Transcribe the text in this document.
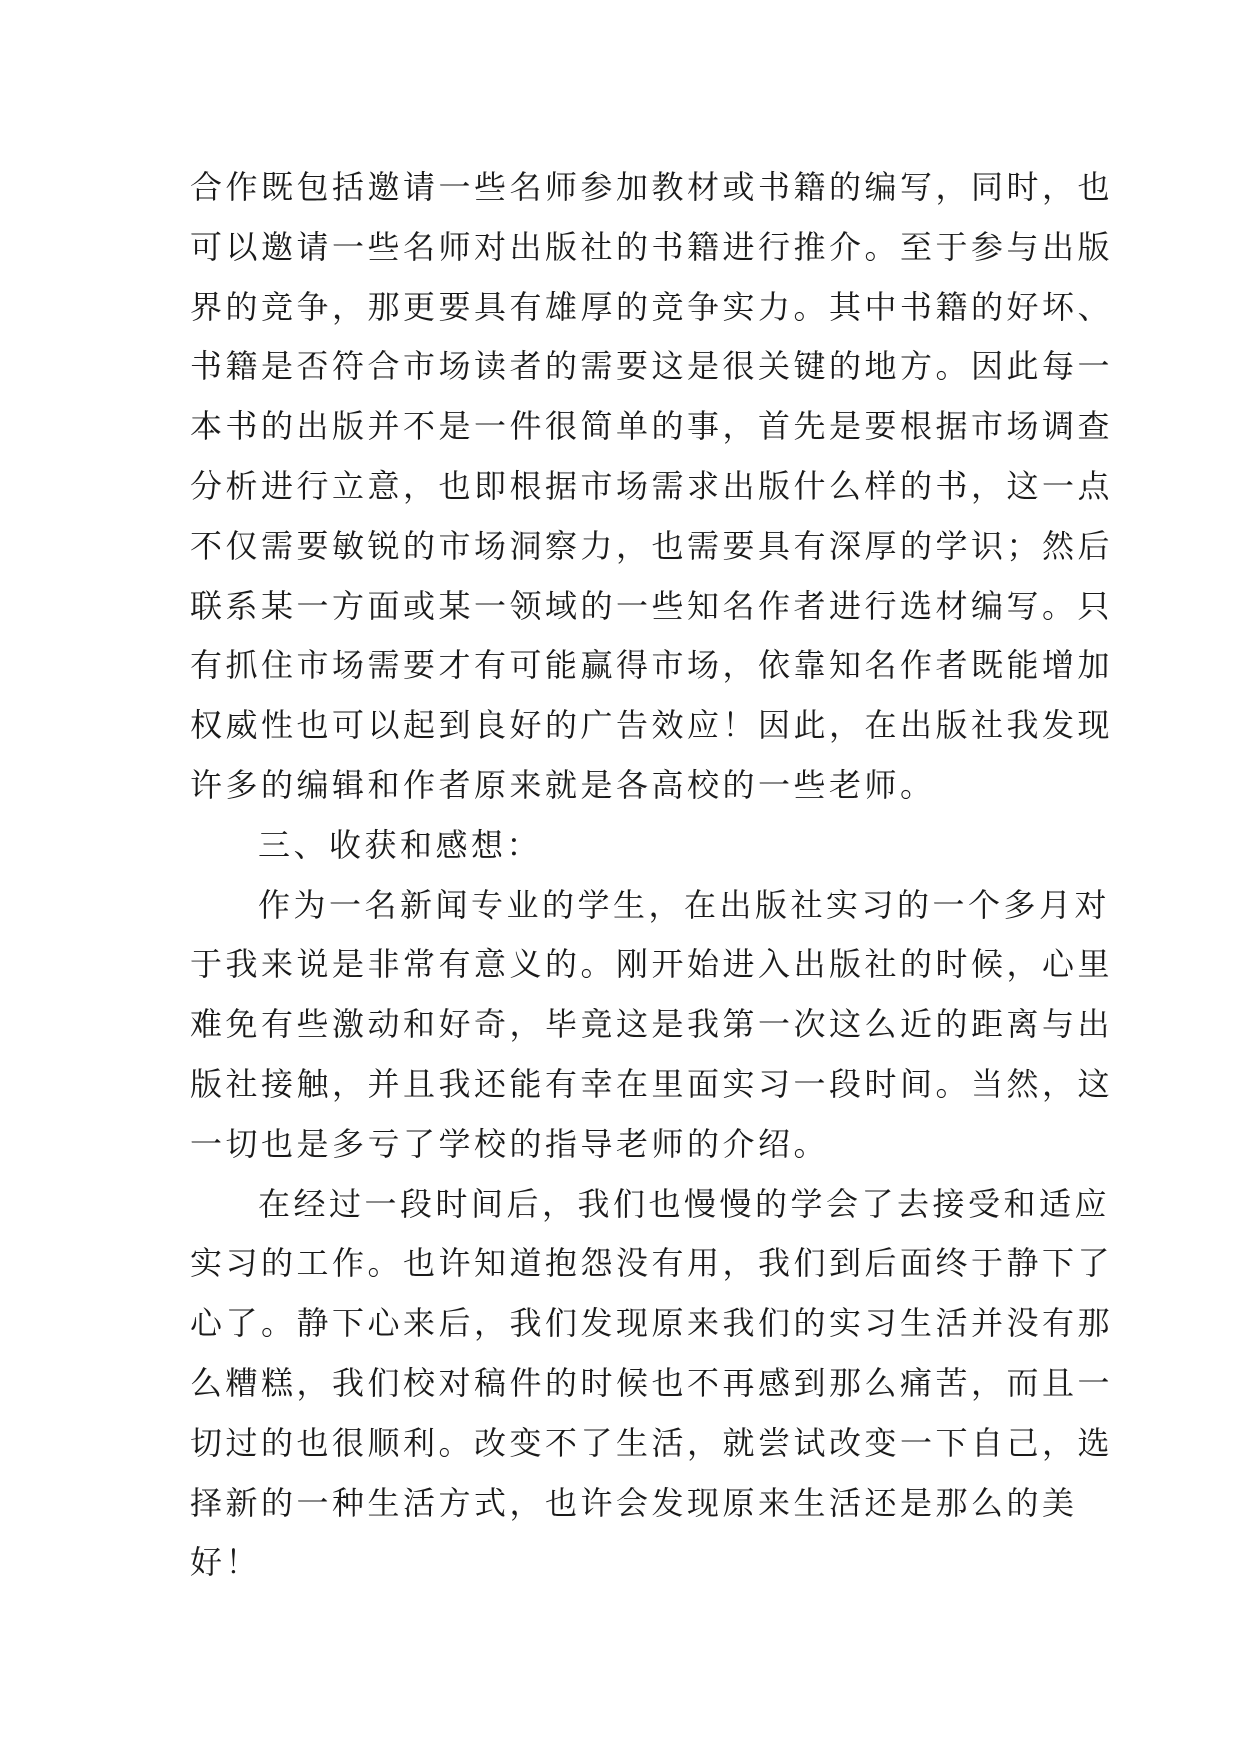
合作既包括邀请一些名师参加教材或书籍的编写，同时，也
可以邀请一些名师对出版社的书籍进行推介。至于参与出版
界的竞争，那更要具有雄厚的竞争实力。其中书籍的好坏、
书籍是否符合市场读者的需要这是很关键的地方。因此每一
本书的出版并不是一件很简单的事，首先是要根据市场调查
分析进行立意，也即根据市场需求出版什么样的书，这一点
不仅需要敏锐的市场洞察力，也需要具有深厚的学识；然后
联系某一方面或某一领域的一些知名作者进行选材编写。只
有抓住市场需要才有可能赢得市场，依靠知名作者既能增加
权威性也可以起到良好的广告效应！因此，在出版社我发现
许多的编辑和作者原来就是各高校的一些老师。
三、收获和感想：
作为一名新闻专业的学生，在出版社实习的一个多月对
于我来说是非常有意义的。刚开始进入出版社的时候，心里
难免有些激动和好奇，毕竟这是我第一次这么近的距离与出
版社接触，并且我还能有幸在里面实习一段时间。当然，这
一切也是多亏了学校的指导老师的介绍。
在经过一段时间后，我们也慢慢的学会了去接受和适应
实习的工作。也许知道抱怨没有用，我们到后面终于静下了
心了。静下心来后，我们发现原来我们的实习生活并没有那
么糟糕，我们校对稿件的时候也不再感到那么痛苦，而且一
切过的也很顺利。改变不了生活，就尝试改变一下自己，选
择新的一种生活方式，也许会发现原来生活还是那么的美
好！
